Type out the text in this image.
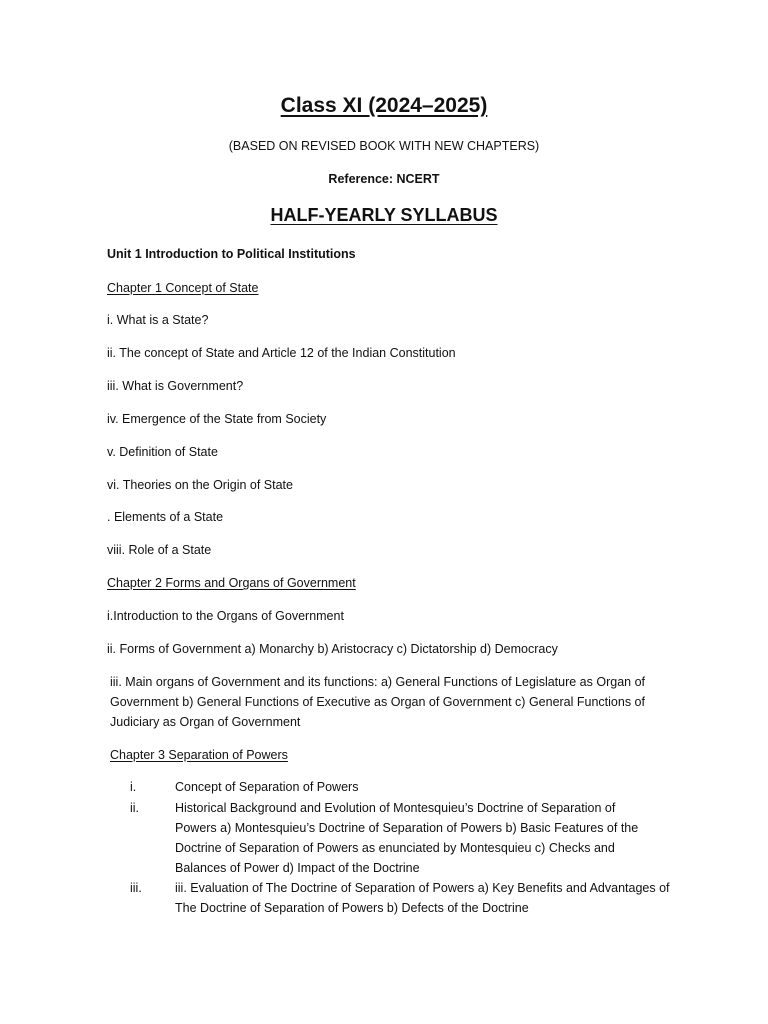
Class XI (2024–2025)
(BASED ON REVISED BOOK WITH NEW CHAPTERS)
Reference: NCERT
HALF-YEARLY SYLLABUS
Unit 1 Introduction to Political Institutions
Chapter 1 Concept of State
i. What is a State?
ii. The concept of State and Article 12 of the Indian Constitution
iii. What is Government?
iv. Emergence of the State from Society
v. Definition of State
vi. Theories on the Origin of State
. Elements of a State
viii. Role of a State
Chapter 2 Forms and Organs of Government
i.Introduction to the Organs of Government
ii. Forms of Government a) Monarchy b) Aristocracy c) Dictatorship d) Democracy
iii. Main organs of Government and its functions: a) General Functions of Legislature as Organ of Government b) General Functions of Executive as Organ of Government c) General Functions of Judiciary as Organ of Government
Chapter 3 Separation of Powers
i.	Concept of Separation of Powers
ii.	Historical Background and Evolution of Montesquieu’s Doctrine of Separation of Powers a) Montesquieu’s Doctrine of Separation of Powers b) Basic Features of the Doctrine of Separation of Powers as enunciated by Montesquieu c) Checks and Balances of Power d) Impact of the Doctrine
iii.	iii. Evaluation of The Doctrine of Separation of Powers a) Key Benefits and Advantages of The Doctrine of Separation of Powers b) Defects of the Doctrine
